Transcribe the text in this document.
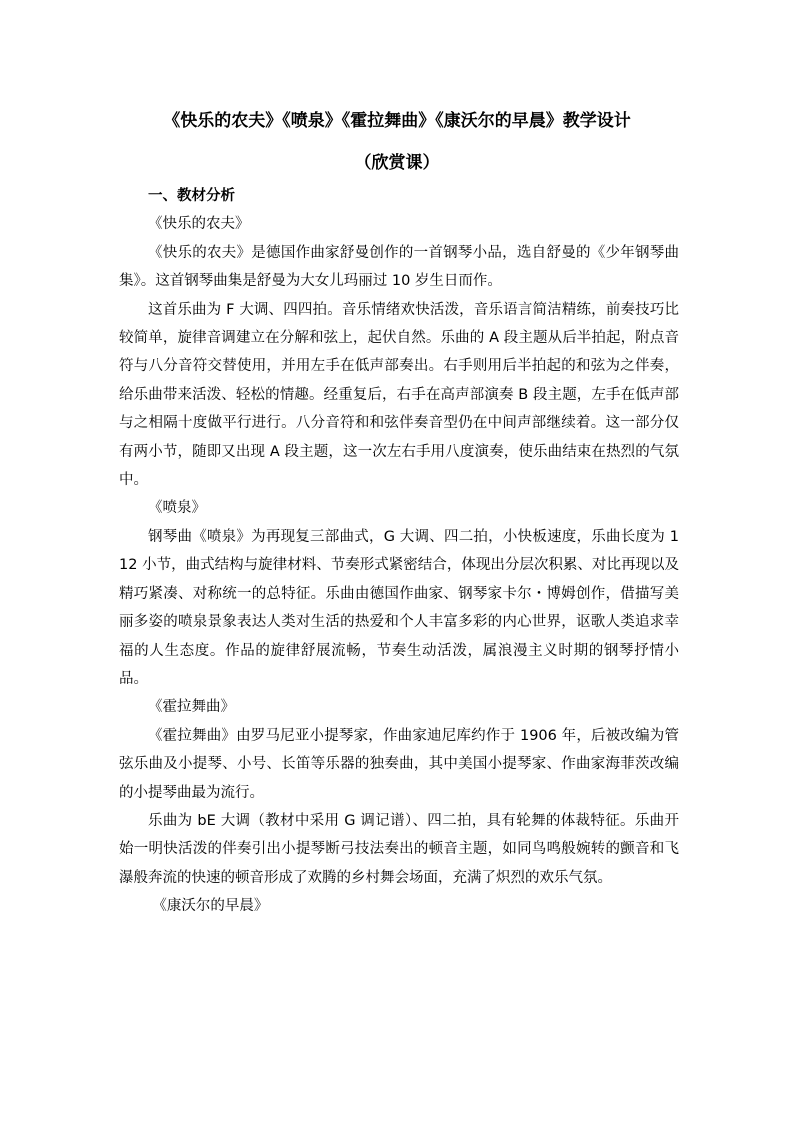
《快乐的农夫》《喷泉》《霍拉舞曲》《康沃尔的早晨》教学设计
（欣赏课）

一、教材分析

《快乐的农夫》

《快乐的农夫》是德国作曲家舒曼创作的一首钢琴小品，选自舒曼的《少年钢琴曲集》。这首钢琴曲集是舒曼为大女儿玛丽过 10 岁生日而作。

这首乐曲为 F 大调、四四拍。音乐情绪欢快活泼，音乐语言简洁精练，前奏技巧比较简单，旋律音调建立在分解和弦上，起伏自然。乐曲的 A 段主题从后半拍起，附点音符与八分音符交替使用，并用左手在低声部奏出。右手则用后半拍起的和弦为之伴奏，给乐曲带来活泼、轻松的情趣。经重复后，右手在高声部演奏 B 段主题，左手在低声部与之相隔十度做平行进行。八分音符和和弦伴奏音型仍在中间声部继续着。这一部分仅有两小节，随即又出现 A 段主题，这一次左右手用八度演奏，使乐曲结束在热烈的气氛中。

《喷泉》

钢琴曲《喷泉》为再现复三部曲式，G 大调、四二拍，小快板速度，乐曲长度为 112 小节，曲式结构与旋律材料、节奏形式紧密结合，体现出分层次积累、对比再现以及精巧紧凑、对称统一的总特征。乐曲由德国作曲家、钢琴家卡尔・博姆创作，借描写美丽多姿的喷泉景象表达人类对生活的热爱和个人丰富多彩的内心世界，讴歌人类追求幸福的人生态度。作品的旋律舒展流畅，节奏生动活泼，属浪漫主义时期的钢琴抒情小品。

《霍拉舞曲》

《霍拉舞曲》由罗马尼亚小提琴家，作曲家迪尼库约作于 1906 年，后被改编为管弦乐曲及小提琴、小号、长笛等乐器的独奏曲，其中美国小提琴家、作曲家海菲茨改编的小提琴曲最为流行。

乐曲为 bE 大调（教材中采用 G 调记谱）、四二拍，具有轮舞的体裁特征。乐曲开始一明快活泼的伴奏引出小提琴断弓技法奏出的顿音主题，如同鸟鸣般婉转的颤音和飞瀑般奔流的快速的顿音形成了欢腾的乡村舞会场面，充满了炽烈的欢乐气氛。

《康沃尔的早晨》
